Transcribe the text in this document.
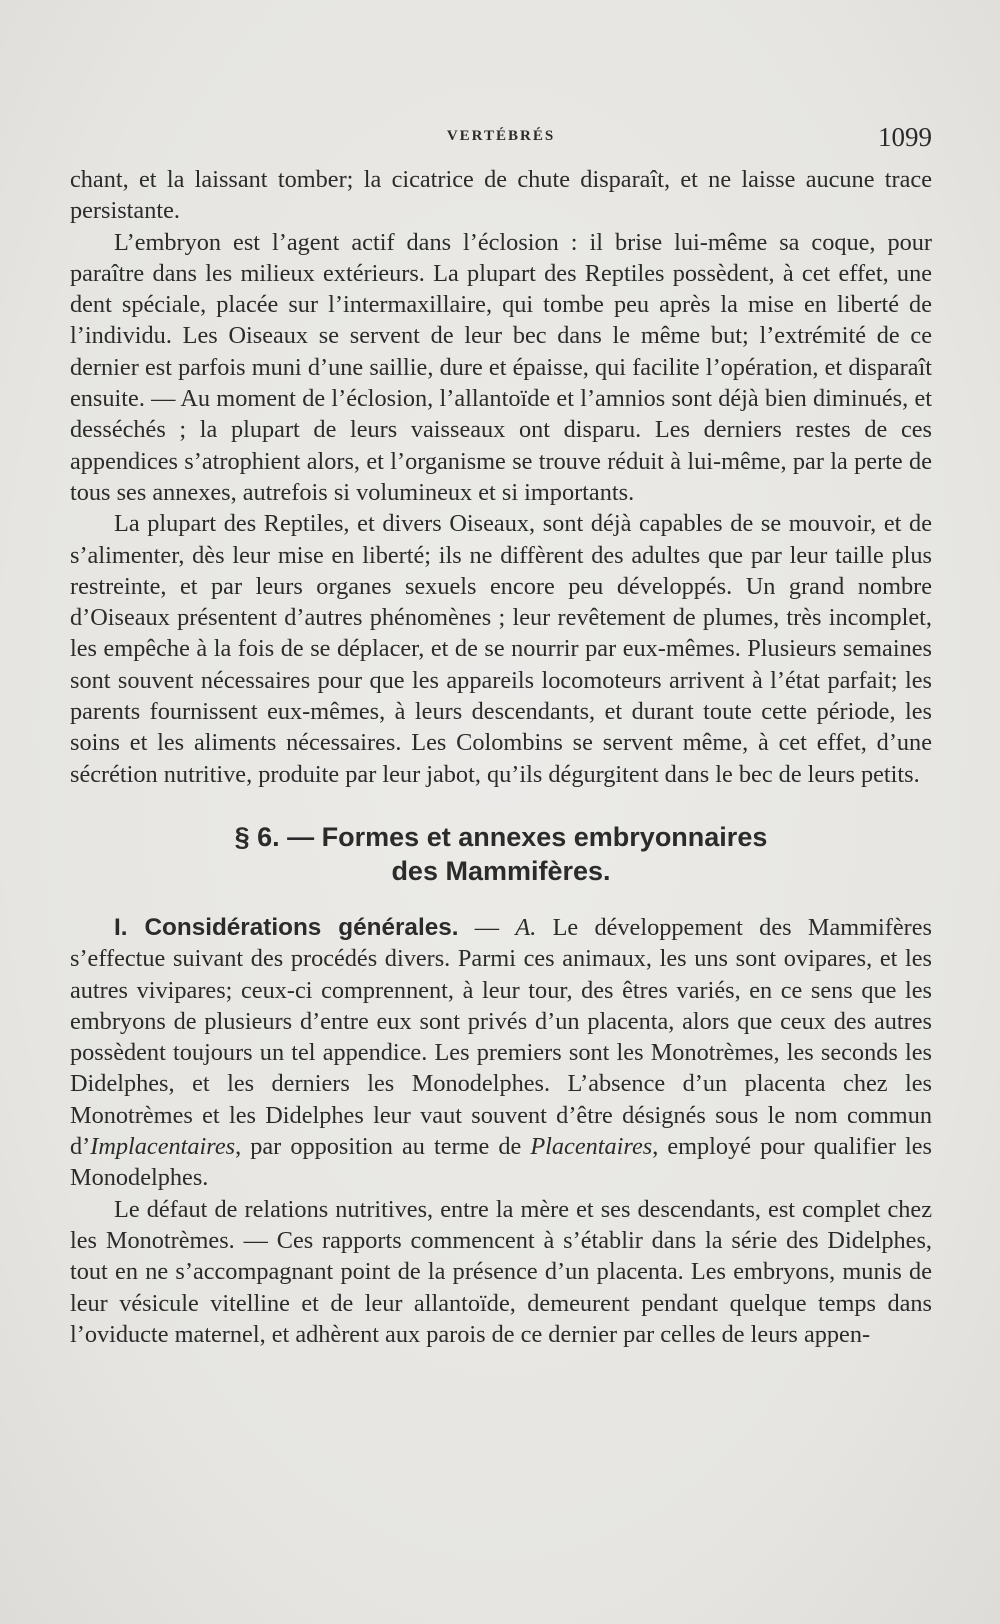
VERTÉBRÉS	1099

chant, et la laissant tomber; la cicatrice de chute disparaît, et ne laisse aucune trace persistante.

L’embryon est l’agent actif dans l’éclosion : il brise lui-même sa coque, pour paraître dans les milieux extérieurs. La plupart des Reptiles possèdent, à cet effet, une dent spéciale, placée sur l’intermaxillaire, qui tombe peu après la mise en liberté de l’individu. Les Oiseaux se servent de leur bec dans le même but; l’extrémité de ce dernier est parfois muni d’une saillie, dure et épaisse, qui facilite l’opération, et disparaît ensuite. — Au moment de l’éclosion, l’allantoïde et l’amnios sont déjà bien diminués, et desséchés ; la plupart de leurs vaisseaux ont disparu. Les derniers restes de ces appendices s’atrophient alors, et l’organisme se trouve réduit à lui-même, par la perte de tous ses annexes, autrefois si volumineux et si importants.

La plupart des Reptiles, et divers Oiseaux, sont déjà capables de se mouvoir, et de s’alimenter, dès leur mise en liberté; ils ne diffèrent des adultes que par leur taille plus restreinte, et par leurs organes sexuels encore peu développés. Un grand nombre d’Oiseaux présentent d’autres phénomènes ; leur revêtement de plumes, très incomplet, les empêche à la fois de se déplacer, et de se nourrir par eux-mêmes. Plusieurs semaines sont souvent nécessaires pour que les appareils locomoteurs arrivent à l’état parfait; les parents fournissent eux-mêmes, à leurs descendants, et durant toute cette période, les soins et les aliments nécessaires. Les Colombins se servent même, à cet effet, d’une sécrétion nutritive, produite par leur jabot, qu’ils dégurgitent dans le bec de leurs petits.

§ 6. — Formes et annexes embryonnaires
des Mammifères.

I. Considérations générales. — A. Le développement des Mammifères s’effectue suivant des procédés divers. Parmi ces animaux, les uns sont ovipares, et les autres vivipares; ceux-ci comprennent, à leur tour, des êtres variés, en ce sens que les embryons de plusieurs d’entre eux sont privés d’un placenta, alors que ceux des autres possèdent toujours un tel appendice. Les premiers sont les Monotrèmes, les seconds les Didelphes, et les derniers les Monodelphes. L’absence d’un placenta chez les Monotrèmes et les Didelphes leur vaut souvent d’être désignés sous le nom commun d’Implacentaires, par opposition au terme de Placentaires, employé pour qualifier les Monodelphes.

Le défaut de relations nutritives, entre la mère et ses descendants, est complet chez les Monotrèmes. — Ces rapports commencent à s’établir dans la série des Didelphes, tout en ne s’accompagnant point de la présence d’un placenta. Les embryons, munis de leur vésicule vitelline et de leur allantoïde, demeurent pendant quelque temps dans l’oviducte maternel, et adhèrent aux parois de ce dernier par celles de leurs appen-
